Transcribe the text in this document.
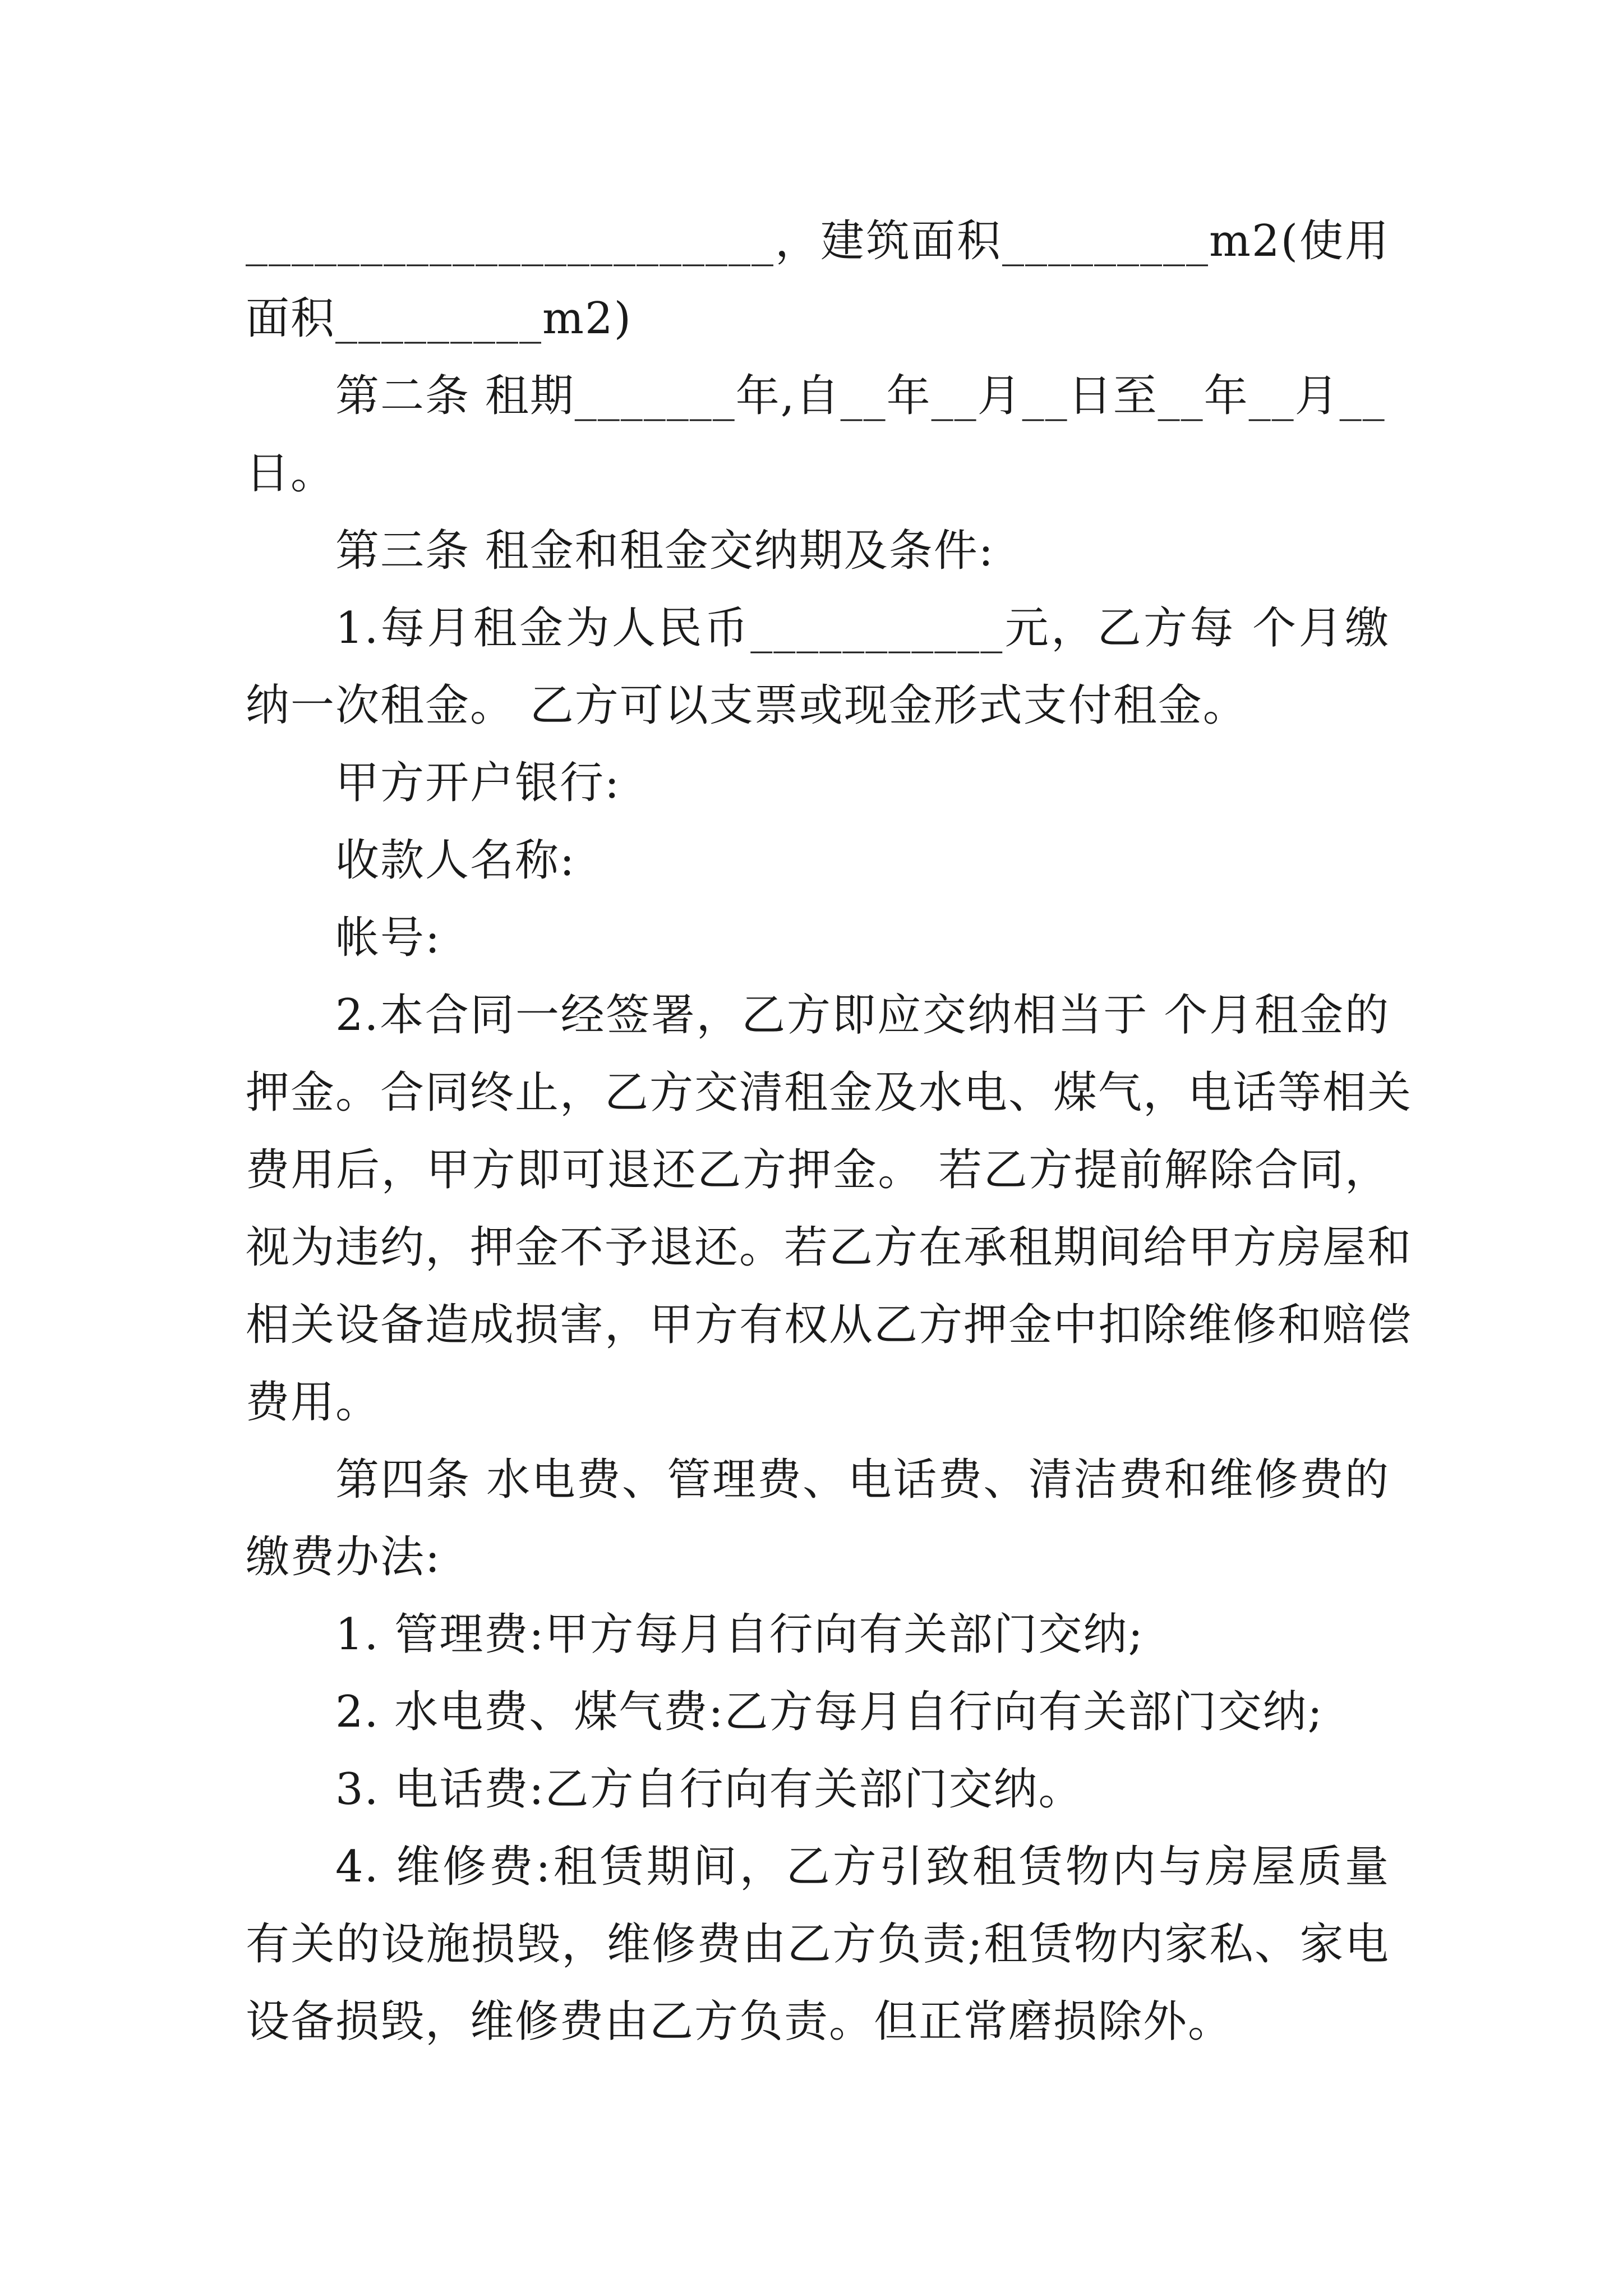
_______________________，建筑面积_________m2(使用
面积_________m2)
第二条 租期_______年,自__年__月__日至__年__月__
日。
第三条 租金和租金交纳期及条件:
1.每月租金为人民币___________元，乙方每 个月缴
纳一次租金。 乙方可以支票或现金形式支付租金。
甲方开户银行:
收款人名称:
帐号:
2.本合同一经签署，乙方即应交纳相当于 个月租金的
押金。合同终止，乙方交清租金及水电、煤气，电话等相关
费用后，甲方即可退还乙方押金。 若乙方提前解除合同，
视为违约，押金不予退还。若乙方在承租期间给甲方房屋和
相关设备造成损害，甲方有权从乙方押金中扣除维修和赔偿
费用。
第四条 水电费、管理费、电话费、清洁费和维修费的
缴费办法:
1. 管理费:甲方每月自行向有关部门交纳;
2. 水电费、煤气费:乙方每月自行向有关部门交纳;
3. 电话费:乙方自行向有关部门交纳。
4. 维修费:租赁期间，乙方引致租赁物内与房屋质量
有关的设施损毁，维修费由乙方负责;租赁物内家私、家电
设备损毁，维修费由乙方负责。但正常磨损除外。
